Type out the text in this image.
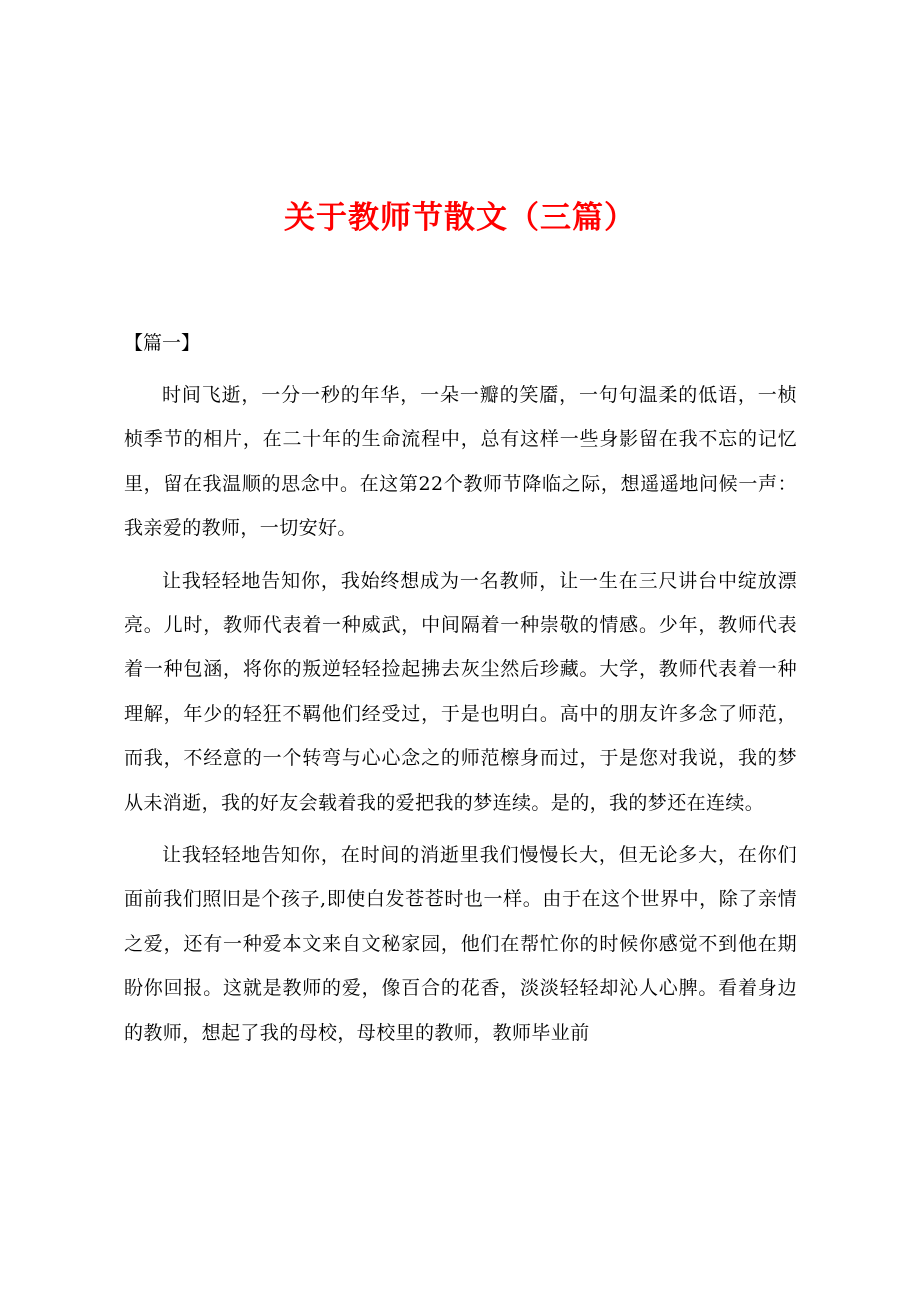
关于教师节散文（三篇）
【篇一】

时间飞逝，一分一秒的年华，一朵一瓣的笑靥，一句句温柔的低语，一桢桢季节的相片，在二十年的生命流程中，总有这样一些身影留在我不忘的记忆里，留在我温顺的思念中。在这第22个教师节降临之际，想遥遥地问候一声：我亲爱的教师，一切安好。

让我轻轻地告知你，我始终想成为一名教师，让一生在三尺讲台中绽放漂亮。儿时，教师代表着一种威武，中间隔着一种崇敬的情感。少年，教师代表着一种包涵，将你的叛逆轻轻捡起拂去灰尘然后珍藏。大学，教师代表着一种理解，年少的轻狂不羁他们经受过，于是也明白。高中的朋友许多念了师范，而我，不经意的一个转弯与心心念之的师范檫身而过，于是您对我说，我的梦从未消逝，我的好友会载着我的爱把我的梦连续。是的，我的梦还在连续。

让我轻轻地告知你，在时间的消逝里我们慢慢长大，但无论多大，在你们面前我们照旧是个孩子,即使白发苍苍时也一样。由于在这个世界中，除了亲情之爱，还有一种爱本文来自文秘家园，他们在帮忙你的时候你感觉不到他在期盼你回报。这就是教师的爱，像百合的花香，淡淡轻轻却沁人心脾。看着身边的教师，想起了我的母校，母校里的教师，教师毕业前
